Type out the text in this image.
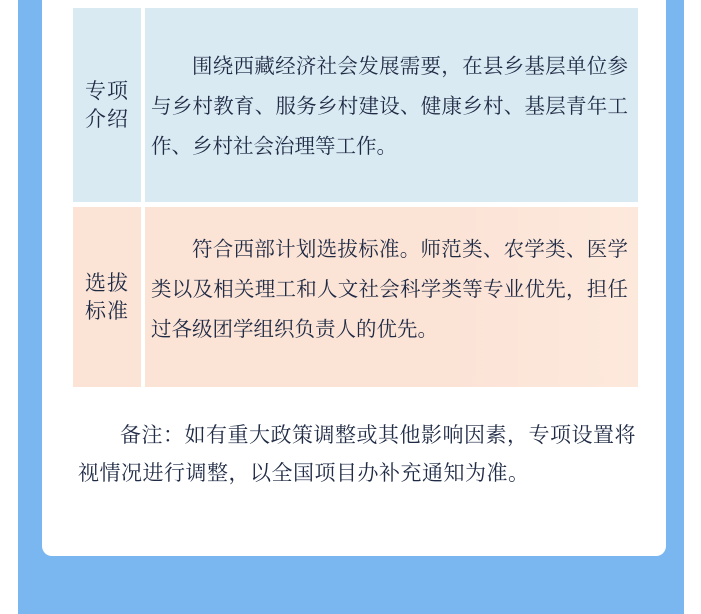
专项
介绍
围绕西藏经济社会发展需要，在县乡基层单位参与乡村教育、服务乡村建设、健康乡村、基层青年工作、乡村社会治理等工作。
选拔
标准
符合西部计划选拔标准。师范类、农学类、医学类以及相关理工和人文社会科学类等专业优先，担任过各级团学组织负责人的优先。
备注：如有重大政策调整或其他影响因素，专项设置将视情况进行调整，以全国项目办补充通知为准。
